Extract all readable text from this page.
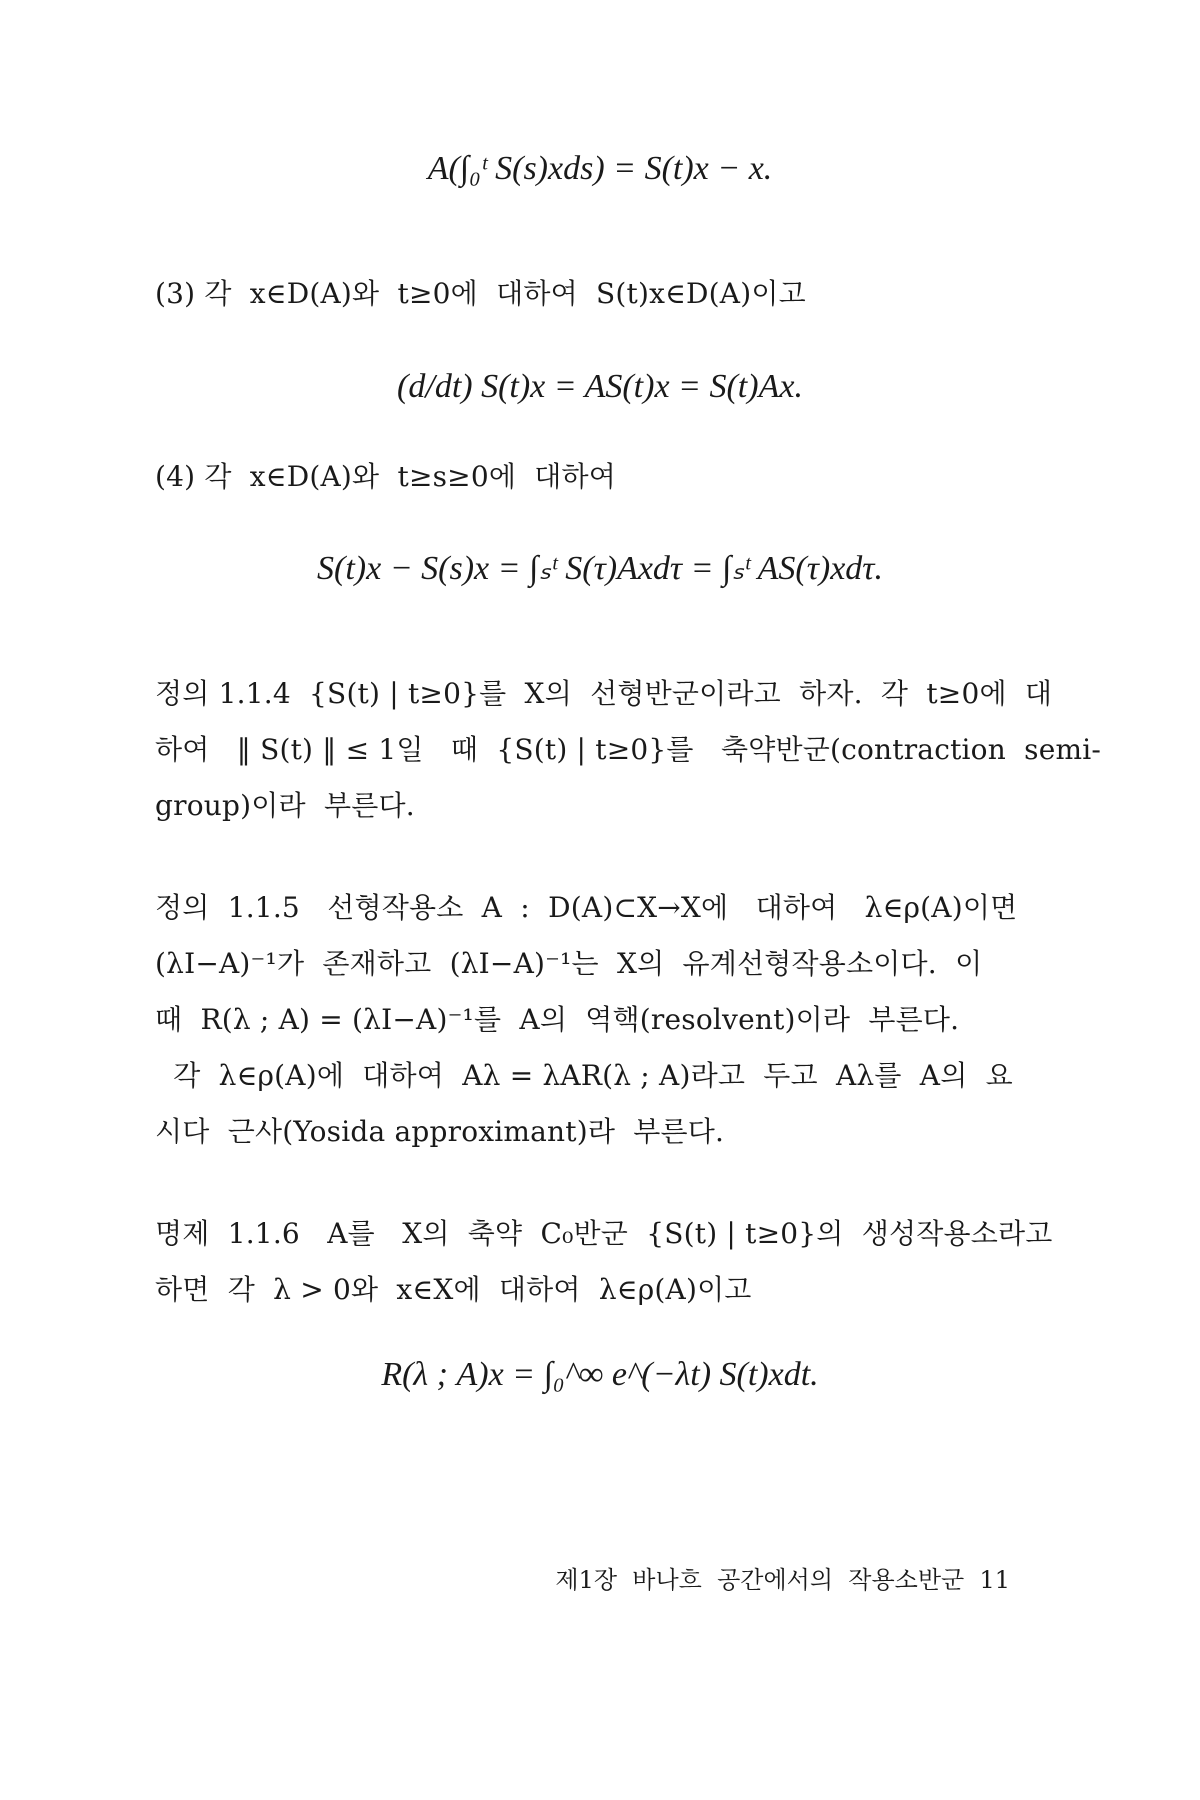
A(∫₀ᵗ S(s)xds) = S(t)x − x.
(3) 각  x∈D(A)와  t≥0에  대하여  S(t)x∈D(A)이고
(d/dt) S(t)x = AS(t)x = S(t)Ax.
(4) 각  x∈D(A)와  t≥s≥0에  대하여
S(t)x − S(s)x = ∫ₛᵗ S(τ)Axdτ = ∫ₛᵗ AS(τ)xdτ.
정의 1.1.4  {S(t) | t≥0}를  X의  선형반군이라고  하자.  각  t≥0에  대
하여   ‖ S(t) ‖ ≤ 1일   때  {S(t) | t≥0}를   축약반군(contraction  semi-
group)이라  부른다.
정의  1.1.5   선형작용소  A  :  D(A)⊂X→X에   대하여   λ∈ρ(A)이면
(λI−A)⁻¹가  존재하고  (λI−A)⁻¹는  X의  유계선형작용소이다.  이
때  R(λ ; A) = (λI−A)⁻¹를  A의  역핵(resolvent)이라  부른다.
각  λ∈ρ(A)에  대하여  Aλ = λAR(λ ; A)라고  두고  Aλ를  A의  요
시다  근사(Yosida approximant)라  부른다.
명제  1.1.6   A를   X의  축약  C₀반군  {S(t) | t≥0}의  생성작용소라고
하면  각  λ > 0와  x∈X에  대하여  λ∈ρ(A)이고
R(λ ; A)x = ∫₀^∞ e^(−λt) S(t)xdt.
제1장  바나흐  공간에서의  작용소반군  11
